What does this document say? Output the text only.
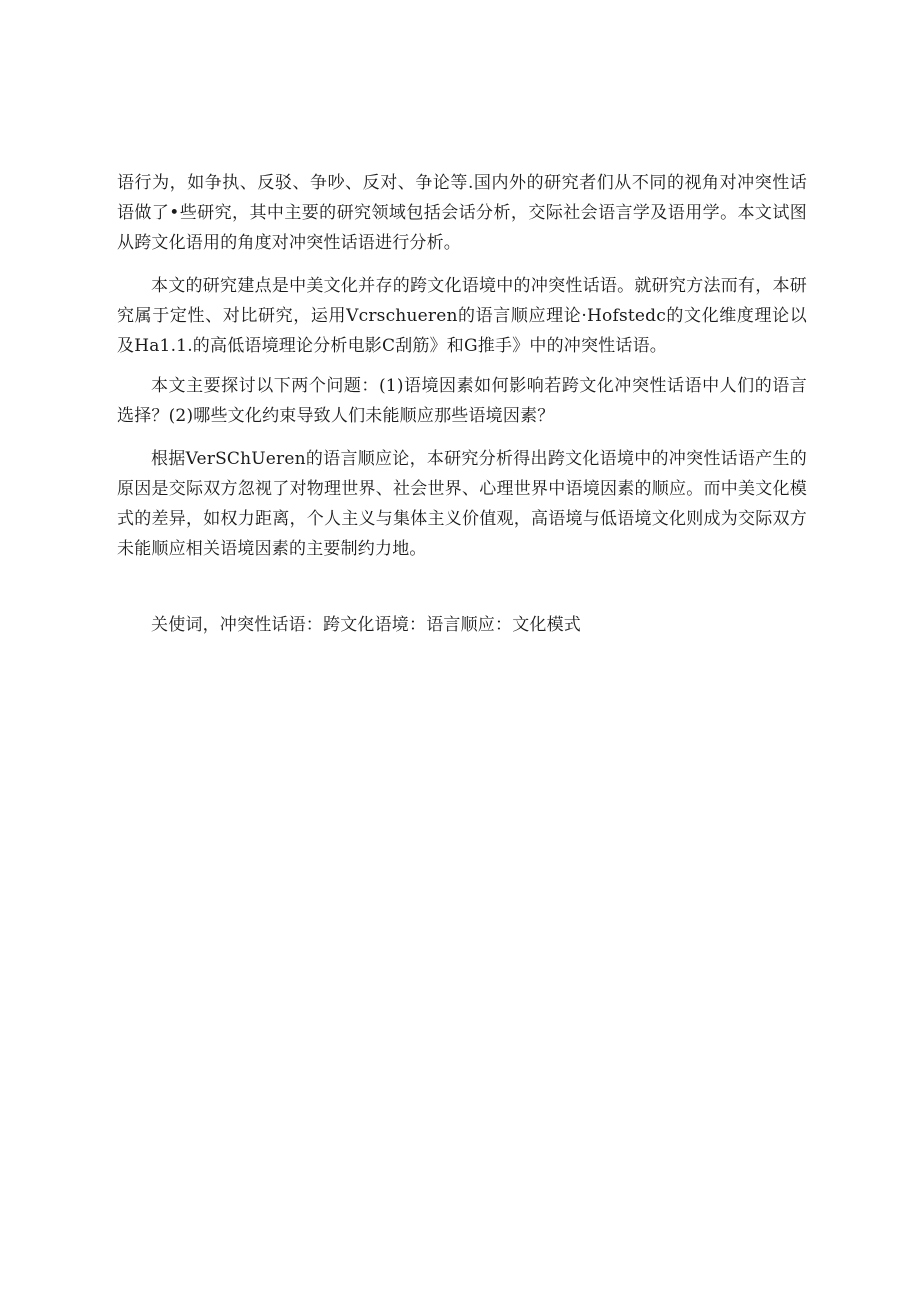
语行为，如争执、反驳、争吵、反对、争论等.国内外的研究者们从不同的视角对冲突性话语做了•些研究，其中主要的研究领域包括会话分析，交际社会语言学及语用学。本文试图从跨文化语用的角度对冲突性话语进行分析。

本文的研究建点是中美文化并存的跨文化语境中的冲突性话语。就研究方法而有，本研究属于定性、对比研究，运用Vcrschueren的语言顺应理论·Hofstedc的文化维度理论以及Ha1.1.的高低语境理论分析电影C刮筋》和G推手》中的冲突性话语。

本文主要探讨以下两个问题：(1)语境因素如何影响若跨文化冲突性话语中人们的语言选择？(2)哪些文化约束导致人们未能顺应那些语境因素？

根据VerSChUeren的语言顺应论，本研究分析得出跨文化语境中的冲突性话语产生的原因是交际双方忽视了对物理世界、社会世界、心理世界中语境因素的顺应。而中美文化模式的差异，如权力距离，个人主义与集体主义价值观，高语境与低语境文化则成为交际双方未能顺应相关语境因素的主要制约力地。

关使词，冲突性话语：跨文化语境：语言顺应：文化模式
